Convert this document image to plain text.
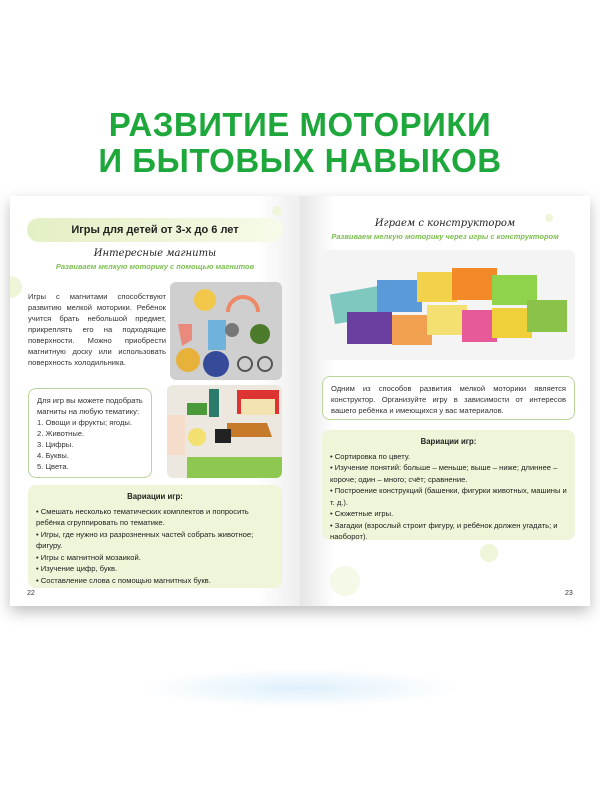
РАЗВИТИЕ МОТОРИКИ
И БЫТОВЫХ НАВЫКОВ
Игры для детей от 3-х до 6 лет
Интересные магниты
Развиваем мелкую моторику с помощью магнитов
Игры с магнитами способствуют развитию мелкой моторики. Ребёнок учится брать небольшой предмет, прикреплять его на подходящие поверхности. Можно приобрести магнитную доску или использовать поверхность холодильника.
Для игр вы можете подобрать магниты на любую тематику:
1. Овощи и фрукты; ягоды.
2. Животные.
3. Цифры.
4. Буквы.
5. Цвета.
Вариации игр:
• Смешать несколько тематических комплектов и попросить ребёнка сгруппировать по тематике.
• Игры, где нужно из разрозненных частей собрать животное; фигуру.
• Игры с магнитной мозаикой.
• Изучение цифр, букв.
• Составление слова с помощью магнитных букв.
22
Играем с конструктором
Развиваем мелкую моторику через игры с конструктором
Одним из способов развития мелкой моторики является конструктор. Организуйте игру в зависимости от интересов вашего ребёнка и имеющихся у вас материалов.
Вариации игр:
• Сортировка по цвету.
• Изучение понятий: больше – меньше; выше – ниже; длиннее – короче; один – много; счёт; сравнение.
• Построение конструкций (башенки, фигурки животных, машины и т. д.).
• Сюжетные игры.
• Загадки (взрослый строит фигуру, и ребёнок должен угадать; и наоборот).
23
